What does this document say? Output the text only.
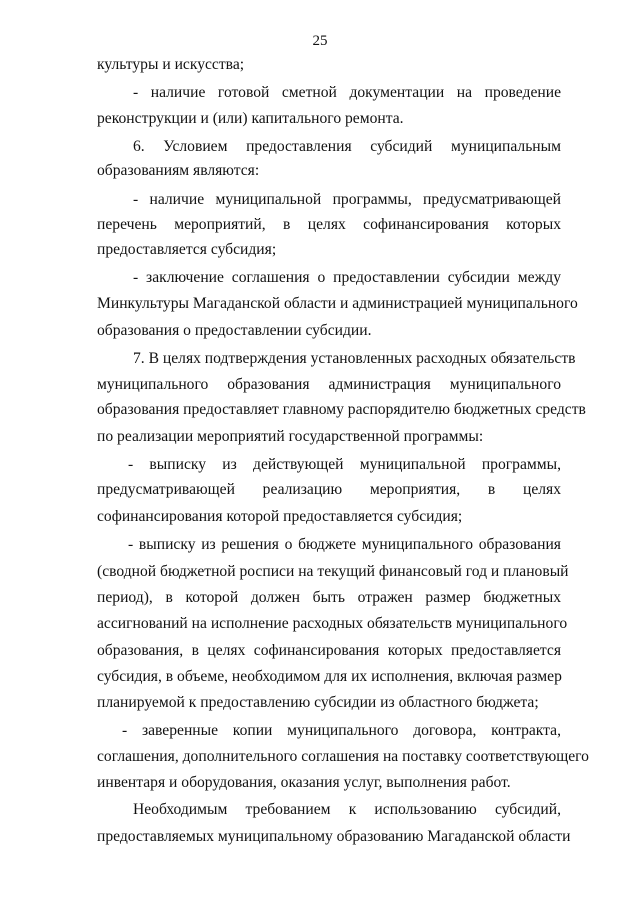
25
культуры и искусства;
- наличие готовой сметной документации на проведение
реконструкции и (или) капитального ремонта.
6. Условием предоставления субсидий муниципальным
образованиям являются:
- наличие муниципальной программы, предусматривающей
перечень мероприятий, в целях софинансирования которых
предоставляется субсидия;
- заключение соглашения о предоставлении субсидии между
Минкультуры Магаданской области и администрацией муниципального
образования о предоставлении субсидии.
7. В целях подтверждения установленных расходных обязательств
муниципального образования администрация муниципального
образования предоставляет главному распорядителю бюджетных средств
по реализации мероприятий государственной программы:
- выписку из действующей муниципальной программы,
предусматривающей реализацию мероприятия, в целях
софинансирования которой предоставляется субсидия;
- выписку из решения о бюджете муниципального образования
(сводной бюджетной росписи на текущий финансовый год и плановый
период), в которой должен быть отражен размер бюджетных
ассигнований на исполнение расходных обязательств муниципального
образования, в целях софинансирования которых предоставляется
субсидия, в объеме, необходимом для их исполнения, включая размер
планируемой к предоставлению субсидии из областного бюджета;
- заверенные копии муниципального договора, контракта,
соглашения, дополнительного соглашения на поставку соответствующего
инвентаря и оборудования, оказания услуг, выполнения работ.
Необходимым требованием к использованию субсидий,
предоставляемых муниципальному образованию Магаданской области
